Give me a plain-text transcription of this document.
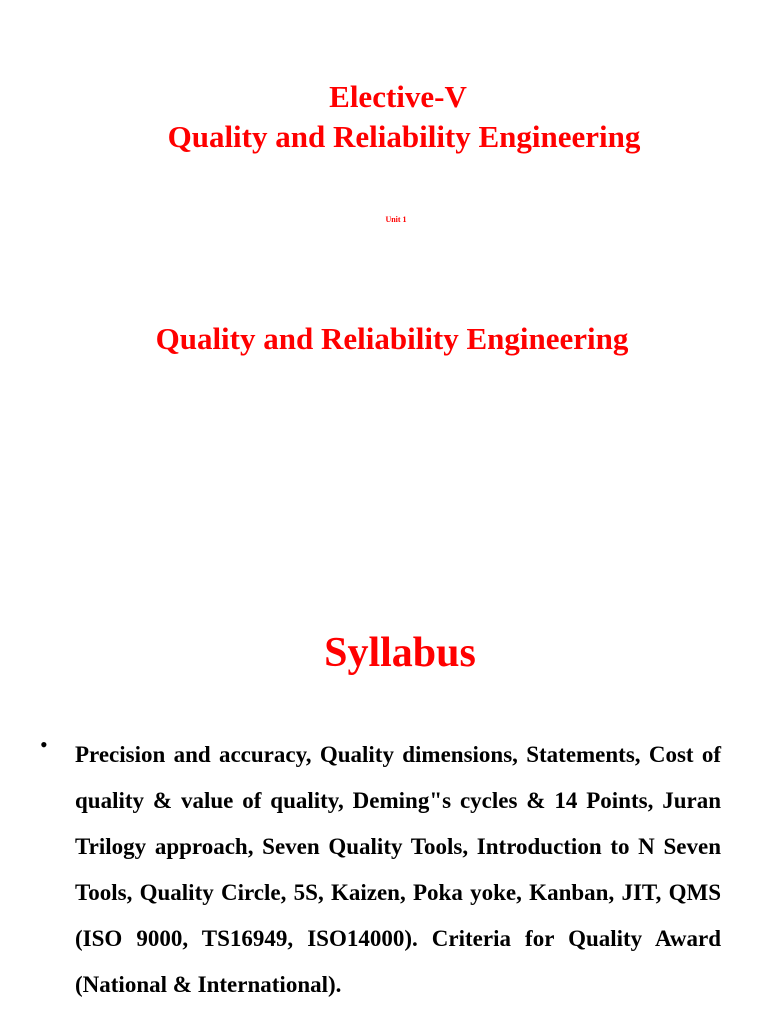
Elective-V
Quality and Reliability Engineering
Unit 1
Quality and Reliability Engineering
Syllabus
• Precision and accuracy, Quality dimensions, Statements, Cost of quality & value of quality, Deming"s cycles & 14 Points, Juran Trilogy approach, Seven Quality Tools, Introduction to N Seven Tools, Quality Circle, 5S, Kaizen, Poka yoke, Kanban, JIT, QMS (ISO 9000, TS16949, ISO14000). Criteria for Quality Award (National & International).
